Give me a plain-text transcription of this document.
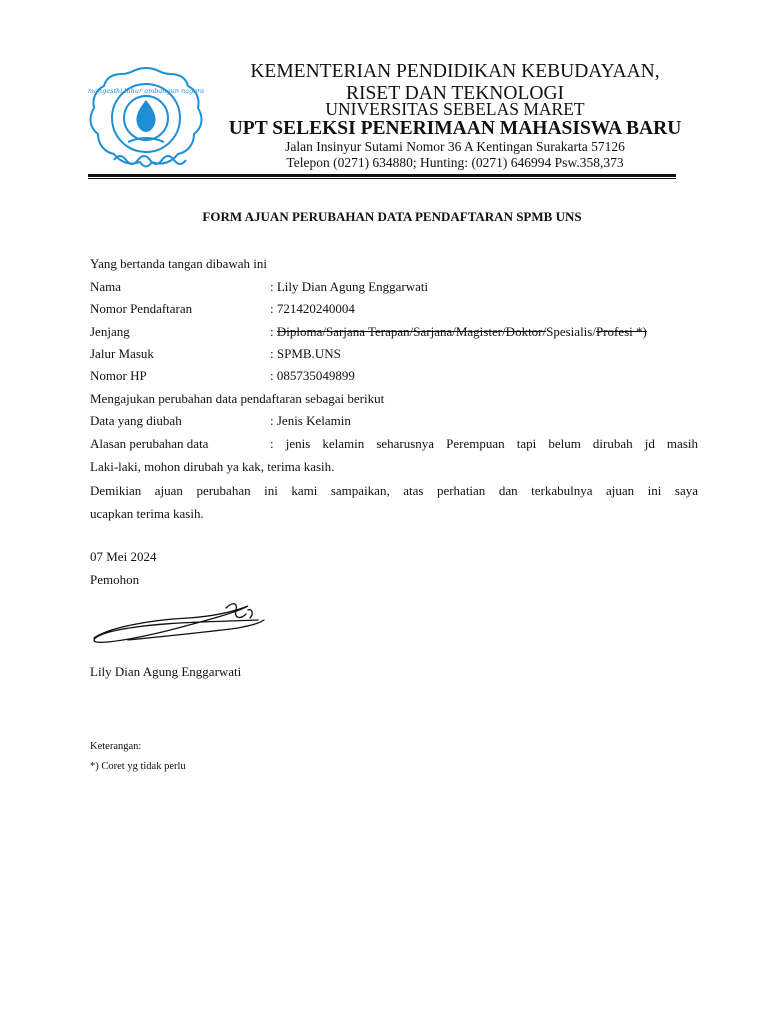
mangesthi luhur ambangun nagara
KEMENTERIAN PENDIDIKAN KEBUDAYAAN,
RISET DAN TEKNOLOGI
UNIVERSITAS SEBELAS MARET
UPT SELEKSI PENERIMAAN MAHASISWA BARU
Jalan Insinyur Sutami Nomor 36 A Kentingan Surakarta 57126
Telepon (0271) 634880; Hunting: (0271) 646994 Psw.358,373
FORM AJUAN PERUBAHAN DATA PENDAFTARAN SPMB UNS
Yang bertanda tangan dibawah ini
Nama	: Lily Dian Agung Enggarwati
Nomor Pendaftaran	: 721420240004
Jenjang	: Diploma/Sarjana Terapan/Sarjana/Magister/Doktor/Spesialis/Profesi *)
Jalur Masuk	: SPMB.UNS
Nomor HP	: 085735049899
Mengajukan perubahan data pendaftaran sebagai berikut
Data yang diubah	: Jenis Kelamin
Alasan perubahan data	: jenis kelamin seharusnya Perempuan tapi belum dirubah jd masih
Laki-laki, mohon dirubah ya kak, terima kasih.
Demikian ajuan perubahan ini kami sampaikan, atas perhatian dan terkabulnya ajuan ini saya
ucapkan terima kasih.
07 Mei 2024
Pemohon
Lily Dian Agung Enggarwati
Keterangan:
*) Coret yg tidak perlu
